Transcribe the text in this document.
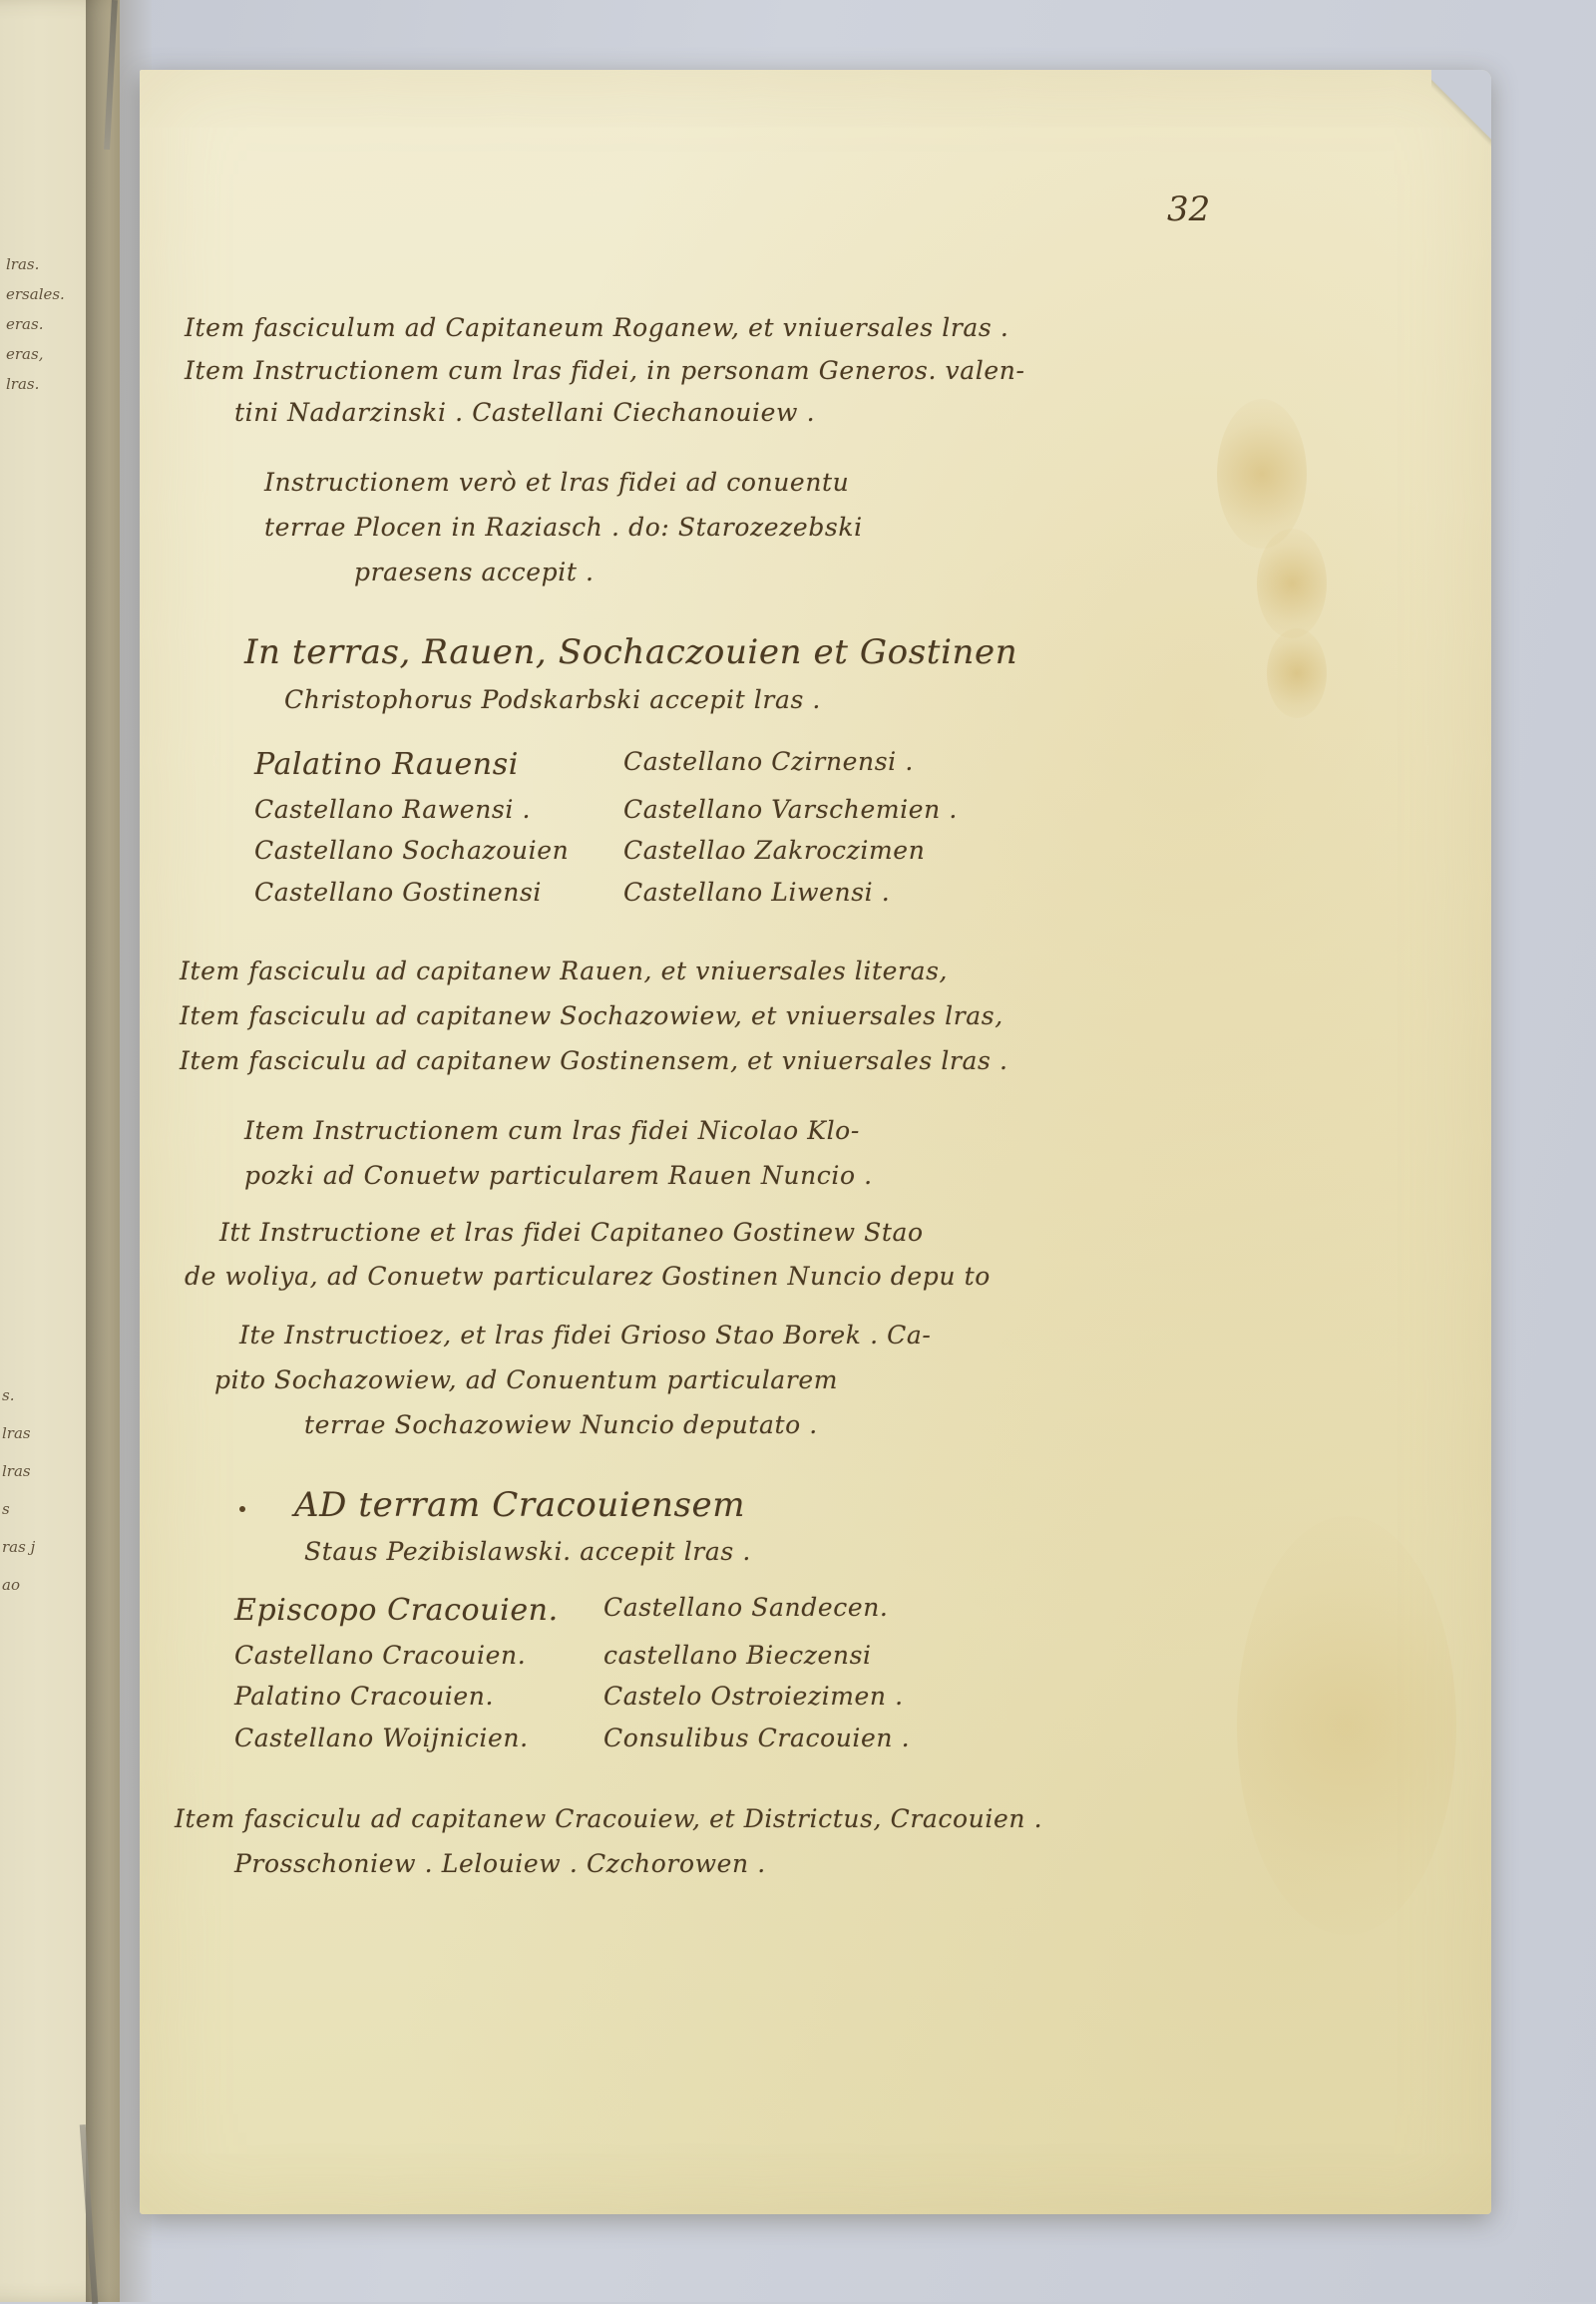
lras.
ersales.
eras.
eras,
lras.
s.
lras
lras
s
ras j
ao
32
Item fasciculum ad Capitaneum Roganew, et vniuersales lras .
Item Instructionem cum lras fidei, in personam Generos. valen-
tini Nadarzinski . Castellani Ciechanouiew .
Instructionem verò et lras fidei ad conuentu
terrae Plocen in Raziasch . do: Starozezebski
praesens accepit .
In terras, Rauen, Sochaczouien et Gostinen
Christophorus Podskarbski accepit lras .
Palatino Rauensi	Castellano Czirnensi .
Castellano Rawensi .	Castellano Varschemien .
Castellano Sochazouien	Castellao Zakroczimen
Castellano Gostinensi	Castellano Liwensi .
Item fasciculu ad capitanew Rauen, et vniuersales literas,
Item fasciculu ad capitanew Sochazowiew, et vniuersales lras,
Item fasciculu ad capitanew Gostinensem, et vniuersales lras .
Item Instructionem cum lras fidei Nicolao Klo-
pozki ad Conuetw particularem Rauen Nuncio .
Itt Instructione et lras fidei Capitaneo Gostinew Stao
de woliya, ad Conuetw particularez Gostinen Nuncio depu to
Ite Instructioez, et lras fidei Grioso Stao Borek . Ca-
pito Sochazowiew, ad Conuentum particularem
terrae Sochazowiew Nuncio deputato .
AD terram Cracouiensem
Staus Pezibislawski. accepit lras .
Episcopo Cracouien.	Castellano Sandecen.
Castellano Cracouien.	castellano Bieczensi
Palatino Cracouien.	Castelo Ostroiezimen .
Castellano Woijnicien.	Consulibus Cracouien .
Item fasciculu ad capitanew Cracouiew, et Districtus, Cracouien .
Prosschoniew . Lelouiew . Czchorowen .
